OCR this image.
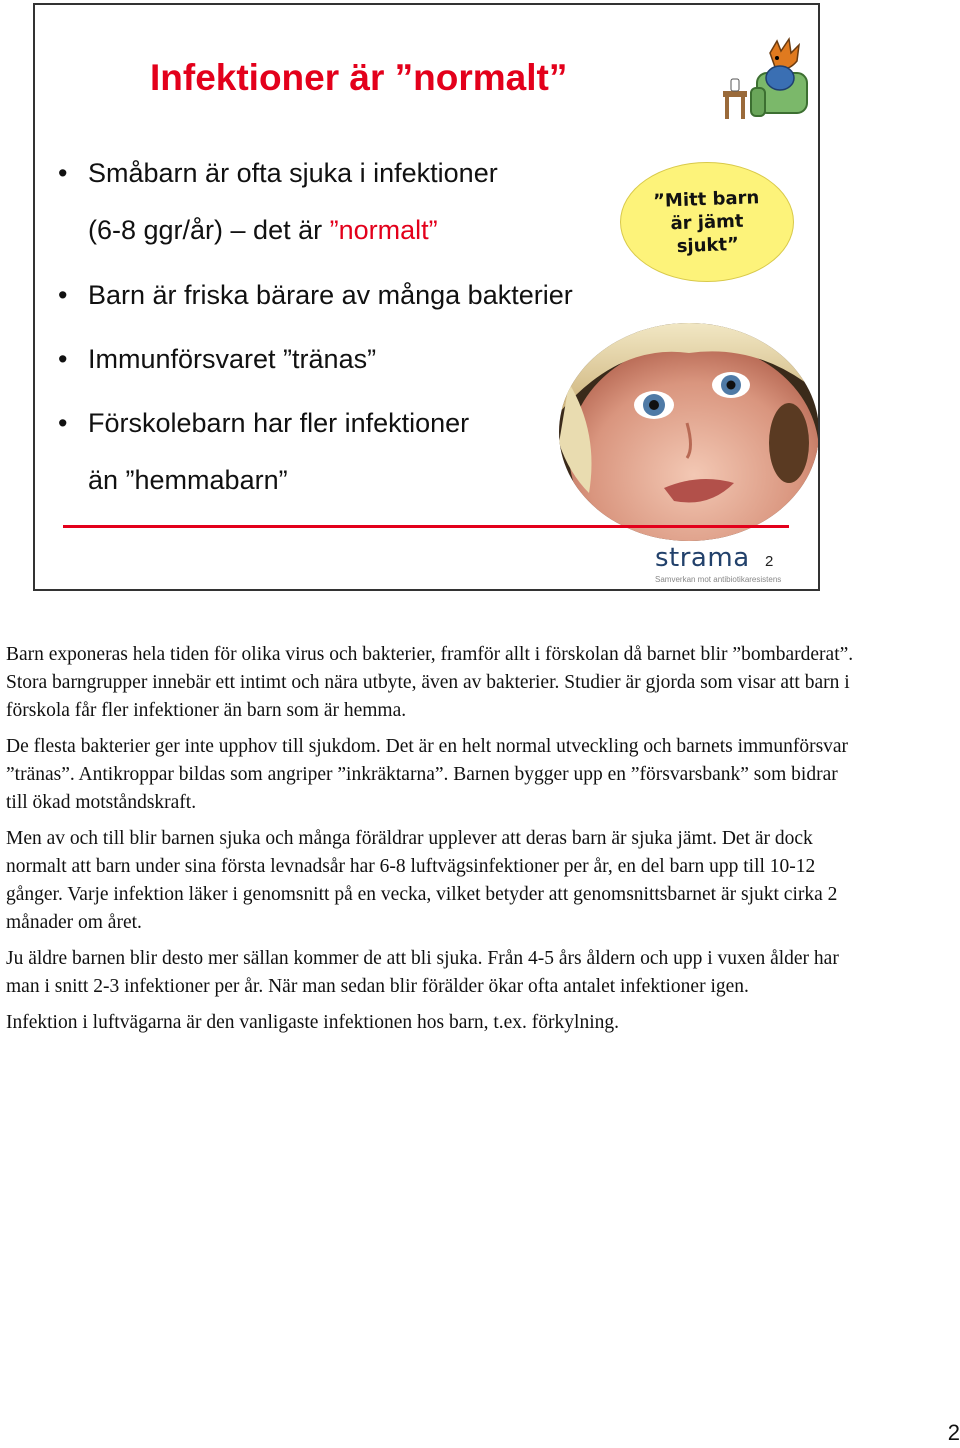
Infektioner är ”normalt”
• Småbarn är ofta sjuka i infektioner
(6-8 ggr/år) – det är ”normalt”
• Barn är friska bärare av många bakterier
• Immunförsvaret ”tränas”
• Förskolebarn har fler infektioner
än ”hemmabarn”
”Mitt barn
är jämt
sjukt”
strama
Samverkan mot antibiotikaresistens
2

Barn exponeras hela tiden för olika virus och bakterier, framför allt i förskolan då barnet blir ”bombarderat”. Stora barngrupper innebär ett intimt och nära utbyte, även av bakterier. Studier är gjorda som visar att barn i förskola får fler infektioner än barn som är hemma.

De flesta bakterier ger inte upphov till sjukdom. Det är en helt normal utveckling och barnets immunförsvar ”tränas”. Antikroppar bildas som angriper ”inkräktarna”. Barnen bygger upp en ”försvarsbank” som bidrar till ökad motståndskraft.

Men av och till blir barnen sjuka och många föräldrar upplever att deras barn är sjuka jämt. Det är dock normalt att barn under sina första levnadsår har 6-8 luftvägsinfektioner per år, en del barn upp till 10-12 gånger. Varje infektion läker i genomsnitt på en vecka, vilket betyder att genomsnittsbarnet är sjukt cirka 2 månader om året.

Ju äldre barnen blir desto mer sällan kommer de att bli sjuka. Från 4-5 års åldern och upp i vuxen ålder har man i snitt 2-3 infektioner per år. När man sedan blir förälder ökar ofta antalet infektioner igen.

Infektion i luftvägarna är den vanligaste infektionen hos barn, t.ex. förkylning.

2
